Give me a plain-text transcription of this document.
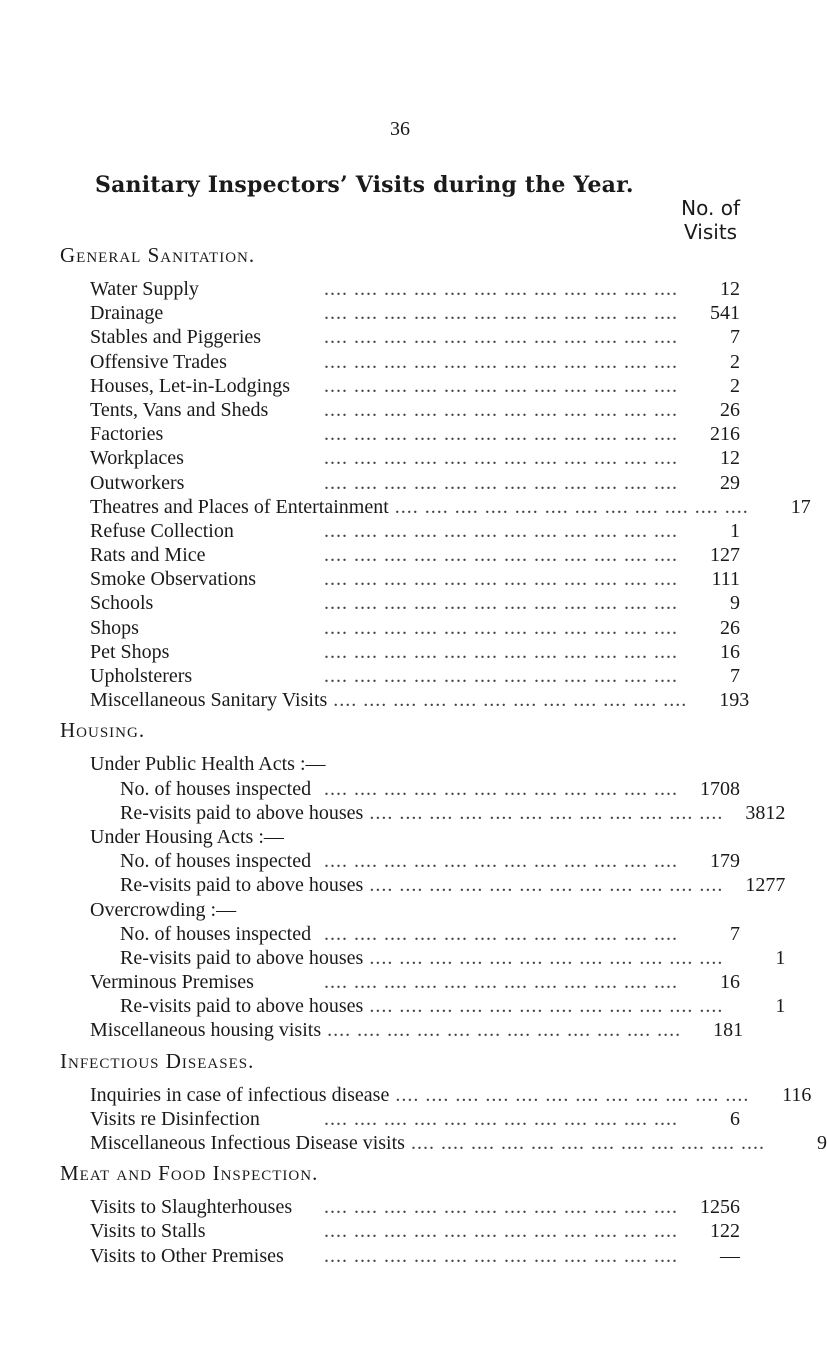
36
Sanitary Inspectors’ Visits during the Year.
No. of
Visits
General Sanitation.
Water Supply	.... .... .... .... .... .... .... .... .... .... .... ....	12
Drainage	.... .... .... .... .... .... .... .... .... .... .... ....	541
Stables and Piggeries	.... .... .... .... .... .... .... .... .... .... .... ....	7
Offensive Trades	.... .... .... .... .... .... .... .... .... .... .... ....	2
Houses, Let-in-Lodgings	.... .... .... .... .... .... .... .... .... .... .... ....	2
Tents, Vans and Sheds	.... .... .... .... .... .... .... .... .... .... .... ....	26
Factories	.... .... .... .... .... .... .... .... .... .... .... ....	216
Workplaces	.... .... .... .... .... .... .... .... .... .... .... ....	12
Outworkers	.... .... .... .... .... .... .... .... .... .... .... ....	29
Theatres and Places of Entertainment .... .... .... .... .... .... .... .... .... .... .... ....	17
Refuse Collection	.... .... .... .... .... .... .... .... .... .... .... ....	1
Rats and Mice	.... .... .... .... .... .... .... .... .... .... .... ....	127
Smoke Observations	.... .... .... .... .... .... .... .... .... .... .... ....	111
Schools	.... .... .... .... .... .... .... .... .... .... .... ....	9
Shops	.... .... .... .... .... .... .... .... .... .... .... ....	26
Pet Shops	.... .... .... .... .... .... .... .... .... .... .... ....	16
Upholsterers	.... .... .... .... .... .... .... .... .... .... .... ....	7
Miscellaneous Sanitary Visits .... .... .... .... .... .... .... .... .... .... .... ....	193
Housing.
Under Public Health Acts :—
No. of houses inspected .... .... .... .... .... .... .... .... .... .... .... ....	1708
Re-visits paid to above houses .... .... .... .... .... .... .... .... .... .... .... ....	3812
Under Housing Acts :—
No. of houses inspected .... .... .... .... .... .... .... .... .... .... .... ....	179
Re-visits paid to above houses .... .... .... .... .... .... .... .... .... .... .... ....	1277
Overcrowding :—
No. of houses inspected .... .... .... .... .... .... .... .... .... .... .... ....	7
Re-visits paid to above houses .... .... .... .... .... .... .... .... .... .... .... ....	1
Verminous Premises	.... .... .... .... .... .... .... .... .... .... .... ....	16
Re-visits paid to above houses .... .... .... .... .... .... .... .... .... .... .... ....	1
Miscellaneous housing visits .... .... .... .... .... .... .... .... .... .... .... ....	181
Infectious Diseases.
Inquiries in case of infectious disease .... .... .... .... .... .... .... .... .... .... .... ....	116
Visits re Disinfection	.... .... .... .... .... .... .... .... .... .... .... ....	6
Miscellaneous Infectious Disease visits .... .... .... .... .... .... .... .... .... .... .... ....	9
Meat and Food Inspection.
Visits to Slaughterhouses	.... .... .... .... .... .... .... .... .... .... .... ....	1256
Visits to Stalls	.... .... .... .... .... .... .... .... .... .... .... ....	122
Visits to Other Premises	.... .... .... .... .... .... .... .... .... .... .... ....	—
